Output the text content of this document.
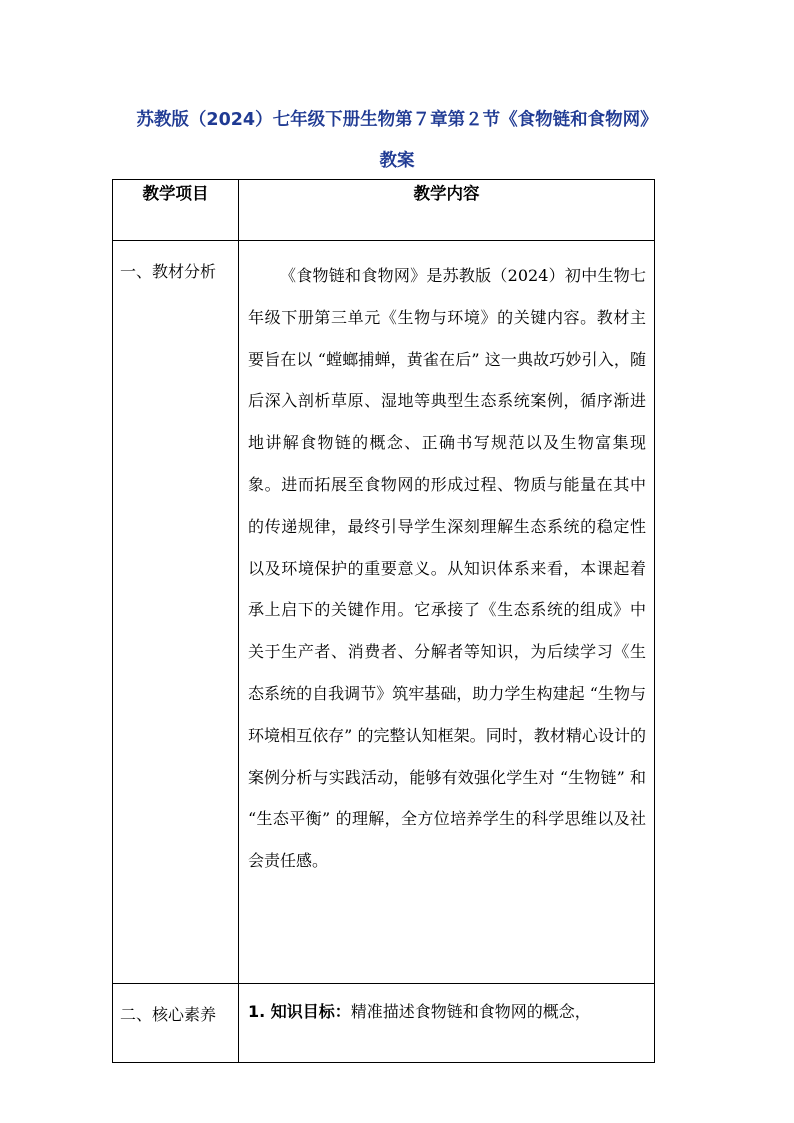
苏教版（2024）七年级下册生物第７章第２节《食物链和食物网》
教案
教学项目	教学内容
一、教材分析	《食物链和食物网》是苏教版（2024）初中生物七年级下册第三单元《生物与环境》的关键内容。教材主要旨在以 “螳螂捕蝉，黄雀在后” 这一典故巧妙引入，随后深入剖析草原、湿地等典型生态系统案例，循序渐进地讲解食物链的概念、正确书写规范以及生物富集现象。进而拓展至食物网的形成过程、物质与能量在其中的传递规律，最终引导学生深刻理解生态系统的稳定性以及环境保护的重要意义。从知识体系来看，本课起着承上启下的关键作用。它承接了《生态系统的组成》中关于生产者、消费者、分解者等知识，为后续学习《生态系统的自我调节》筑牢基础，助力学生构建起 “生物与环境相互依存” 的完整认知框架。同时，教材精心设计的案例分析与实践活动，能够有效强化学生对 “生物链” 和 “生态平衡” 的理解，全方位培养学生的科学思维以及社会责任感。

二、核心素养	1. 知识目标：精准描述食物链和食物网的概念，
